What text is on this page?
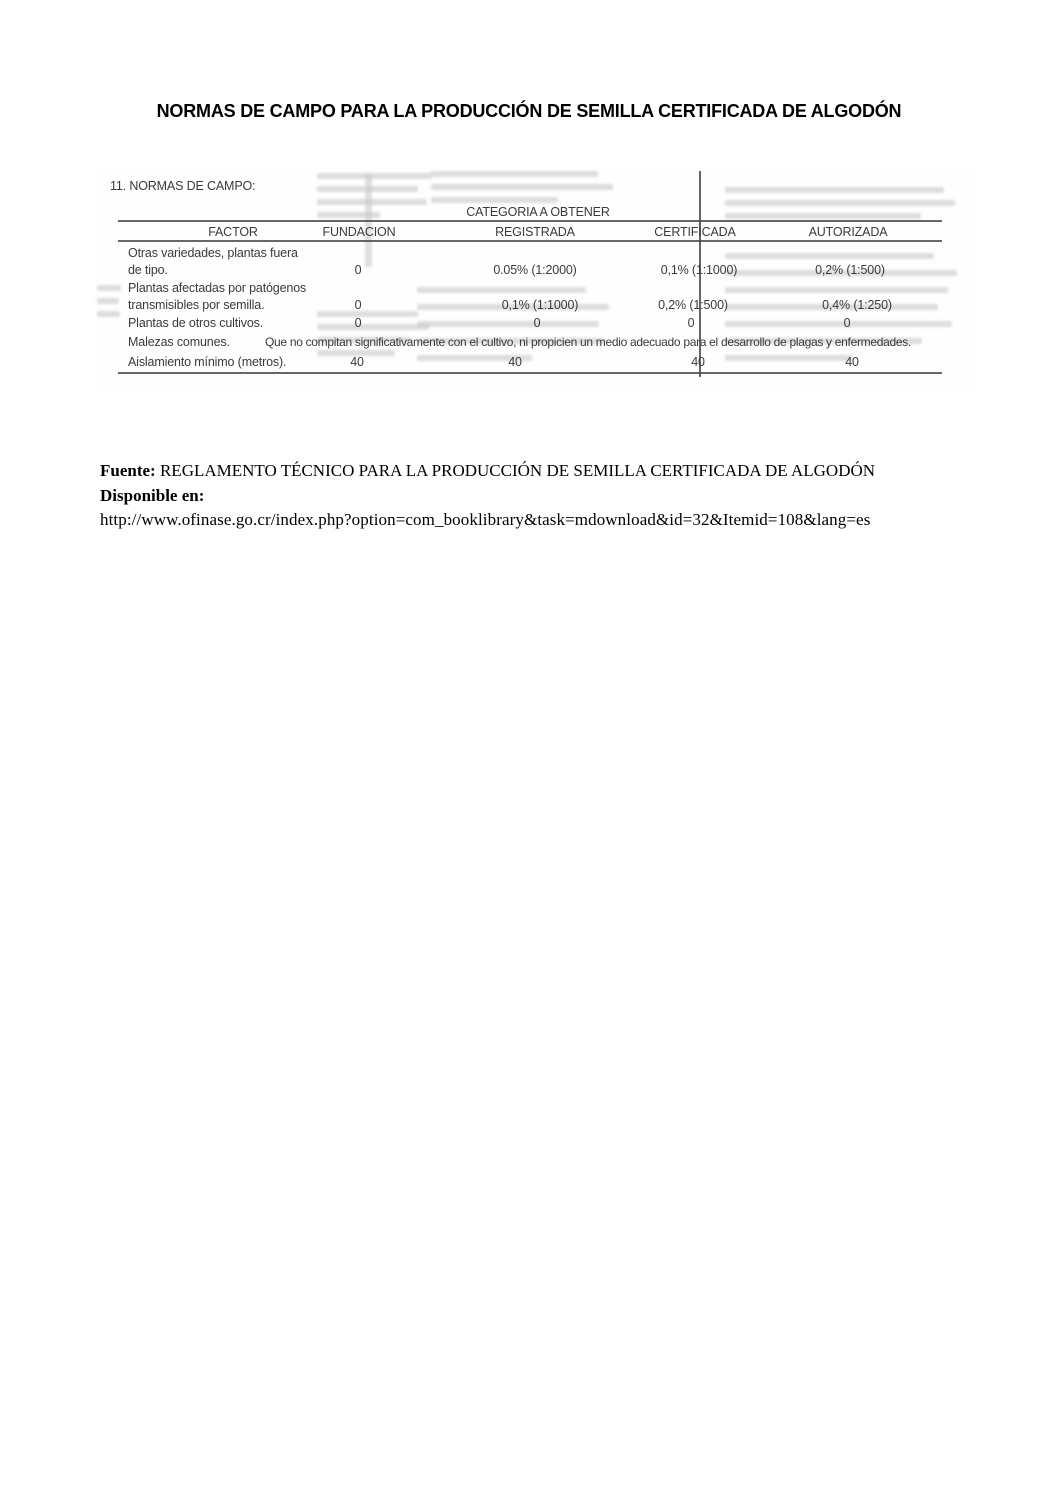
NORMAS DE CAMPO PARA LA PRODUCCIÓN DE SEMILLA CERTIFICADA DE ALGODÓN
11. NORMAS DE CAMPO:
CATEGORIA A OBTENER
FACTOR	FUNDACION	REGISTRADA	CERTIFICADA	AUTORIZADA
Otras variedades, plantas fuera
de tipo.	0	0.05% (1:2000)	0,1% (1:1000)	0,2% (1:500)
Plantas afectadas por patógenos
transmisibles por semilla.	0	0,1% (1:1000)	0,2% (1:500)	0,4% (1:250)
Plantas de otros cultivos.	0	0	0	0
Malezas comunes.	Que no compitan significativamente con el cultivo, ni propicien un medio adecuado para el desarrollo de plagas y enfermedades.
Aislamiento mínimo (metros).	40	40	40	40
Fuente: REGLAMENTO TÉCNICO PARA LA PRODUCCIÓN DE SEMILLA CERTIFICADA DE ALGODÓN
Disponible en:
http://www.ofinase.go.cr/index.php?option=com_booklibrary&task=mdownload&id=32&Itemid=108&lang=es
